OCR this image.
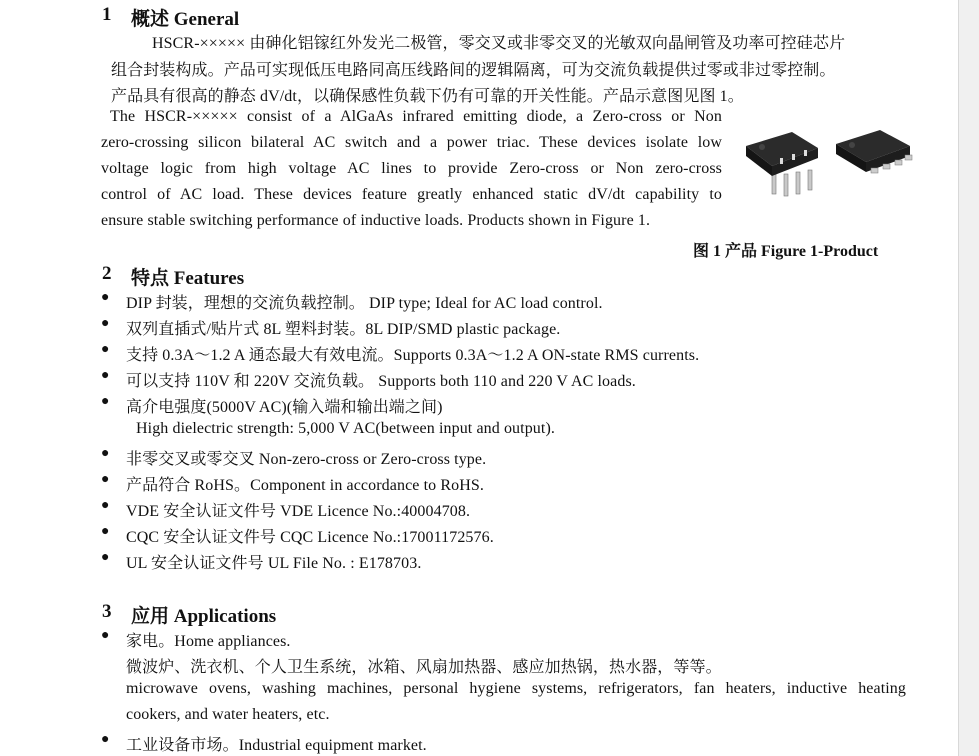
1 概述 General
HSCR-××××× 由砷化铝镓红外发光二极管，零交叉或非零交叉的光敏双向晶闸管及功率可控硅芯片
组合封装构成。产品可实现低压电路同高压线路间的逻辑隔离，可为交流负载提供过零或非过零控制。
产品具有很高的静态 dV/dt，以确保感性负载下仍有可靠的开关性能。产品示意图见图 1。
The HSCR-××××× consist of a AlGaAs infrared emitting diode, a Zero-cross or Non
zero-crossing silicon bilateral AC switch and a power triac. These devices isolate low
voltage logic from high voltage AC lines to provide Zero-cross or Non zero-cross
control of AC load. These devices feature greatly enhanced static dV/dt capability to
ensure stable switching performance of inductive loads. Products shown in Figure 1.
图 1 产品 Figure 1-Product
2 特点 Features
● DIP 封装，理想的交流负载控制。 DIP type; Ideal for AC load control.
● 双列直插式/贴片式 8L 塑料封装。8L DIP/SMD plastic package.
● 支持 0.3A～1.2 A 通态最大有效电流。Supports 0.3A～1.2 A ON-state RMS currents.
● 可以支持 110V 和 220V 交流负载。 Supports both 110 and 220 V AC loads.
● 高介电强度(5000V AC)(输入端和输出端之间)
High dielectric strength: 5,000 V AC(between input and output).
● 非零交叉或零交叉 Non-zero-cross or Zero-cross type.
● 产品符合 RoHS。Component in accordance to RoHS.
● VDE 安全认证文件号 VDE Licence No.:40004708.
● CQC 安全认证文件号 CQC Licence No.:17001172576.
● UL 安全认证文件号 UL File No. : E178703.
3 应用 Applications
● 家电。Home appliances.
微波炉、洗衣机、个人卫生系统，冰箱、风扇加热器、感应加热锅，热水器，等等。
microwave ovens, washing machines, personal hygiene systems, refrigerators, fan heaters, inductive heating
cookers, and water heaters, etc.
● 工业设备市场。Industrial equipment market.
